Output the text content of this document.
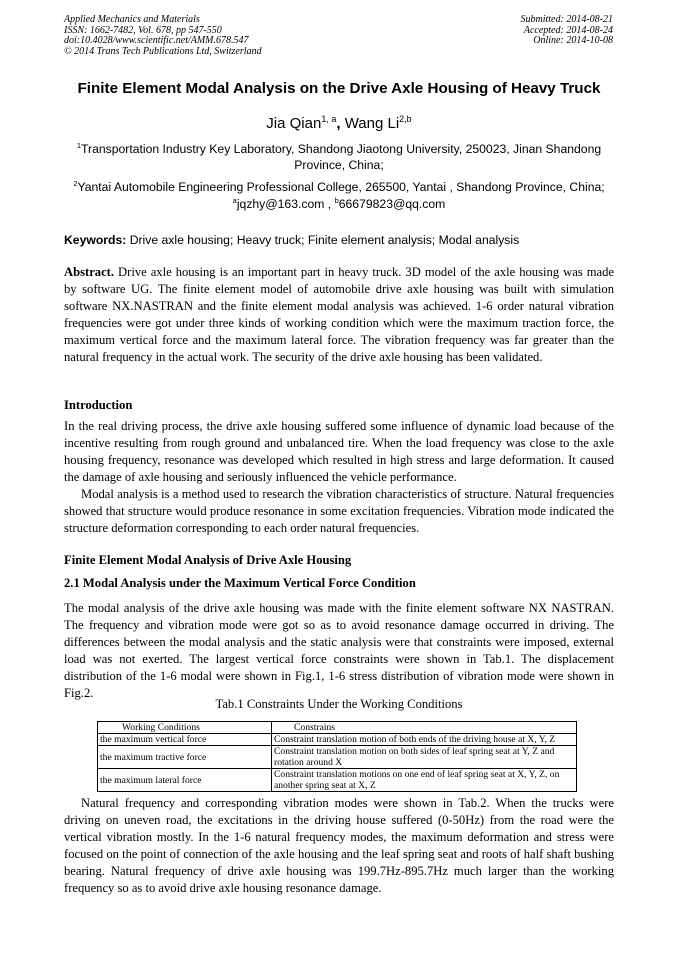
Applied Mechanics and Materials
ISSN: 1662-7482, Vol. 678, pp 547-550
doi:10.4028/www.scientific.net/AMM.678.547
© 2014 Trans Tech Publications Ltd, Switzerland
Submitted: 2014-08-21
Accepted: 2014-08-24
Online: 2014-10-08
Finite Element Modal Analysis on the Drive Axle Housing of Heavy Truck
Jia Qian$^{1, a}$, Wang Li$^{2,b}$
$^1$Transportation Industry Key Laboratory, Shandong Jiaotong University, 250023, Jinan Shandong Province, China;
$^2$Yantai Automobile Engineering Professional College, 265500, Yantai , Shandong Province, China;
$^a$jqzhy@163.com , $^b$66679823@qq.com
Keywords: Drive axle housing; Heavy truck; Finite element analysis; Modal analysis
Abstract. Drive axle housing is an important part in heavy truck. 3D model of the axle housing was made by software UG. The finite element model of automobile drive axle housing was built with simulation software NX.NASTRAN and the finite element modal analysis was achieved. 1-6 order natural vibration frequencies were got under three kinds of working condition which were the maximum traction force, the maximum vertical force and the maximum lateral force. The vibration frequency was far greater than the natural frequency in the actual work. The security of the drive axle housing has been validated.
Introduction
In the real driving process, the drive axle housing suffered some influence of dynamic load because of the incentive resulting from rough ground and unbalanced tire. When the load frequency was close to the axle housing frequency, resonance was developed which resulted in high stress and large deformation. It caused the damage of axle housing and seriously influenced the vehicle performance.
Modal analysis is a method used to research the vibration characteristics of structure. Natural frequencies showed that structure would produce resonance in some excitation frequencies. Vibration mode indicated the structure deformation corresponding to each order natural frequencies.
Finite Element Modal Analysis of Drive Axle Housing
2.1 Modal Analysis under the Maximum Vertical Force Condition
The modal analysis of the drive axle housing was made with the finite element software NX NASTRAN. The frequency and vibration mode were got so as to avoid resonance damage occurred in driving. The differences between the modal analysis and the static analysis were that constraints were imposed, external load was not exerted. The largest vertical force constraints were shown in Tab.1. The displacement distribution of the 1-6 modal were shown in Fig.1, 1-6 stress distribution of vibration mode were shown in Fig.2.
Tab.1 Constraints Under the Working Conditions
Working Conditions	Constrains
the maximum vertical force	Constraint translation motion of both ends of the driving house at X, Y, Z
the maximum tractive force	Constraint translation motion on both sides of leaf spring seat at Y, Z and rotation around X
the maximum lateral force	Constraint translation motions on one end of leaf spring seat at X, Y, Z, on another spring seat at X, Z
Natural frequency and corresponding vibration modes were shown in Tab.2. When the trucks were driving on uneven road, the excitations in the driving house suffered (0-50Hz) from the road were the vertical vibration mostly. In the 1-6 natural frequency modes, the maximum deformation and stress were focused on the point of connection of the axle housing and the leaf spring seat and roots of half shaft bushing bearing. Natural frequency of drive axle housing was 199.7Hz-895.7Hz much larger than the working frequency so as to avoid drive axle housing resonance damage.
